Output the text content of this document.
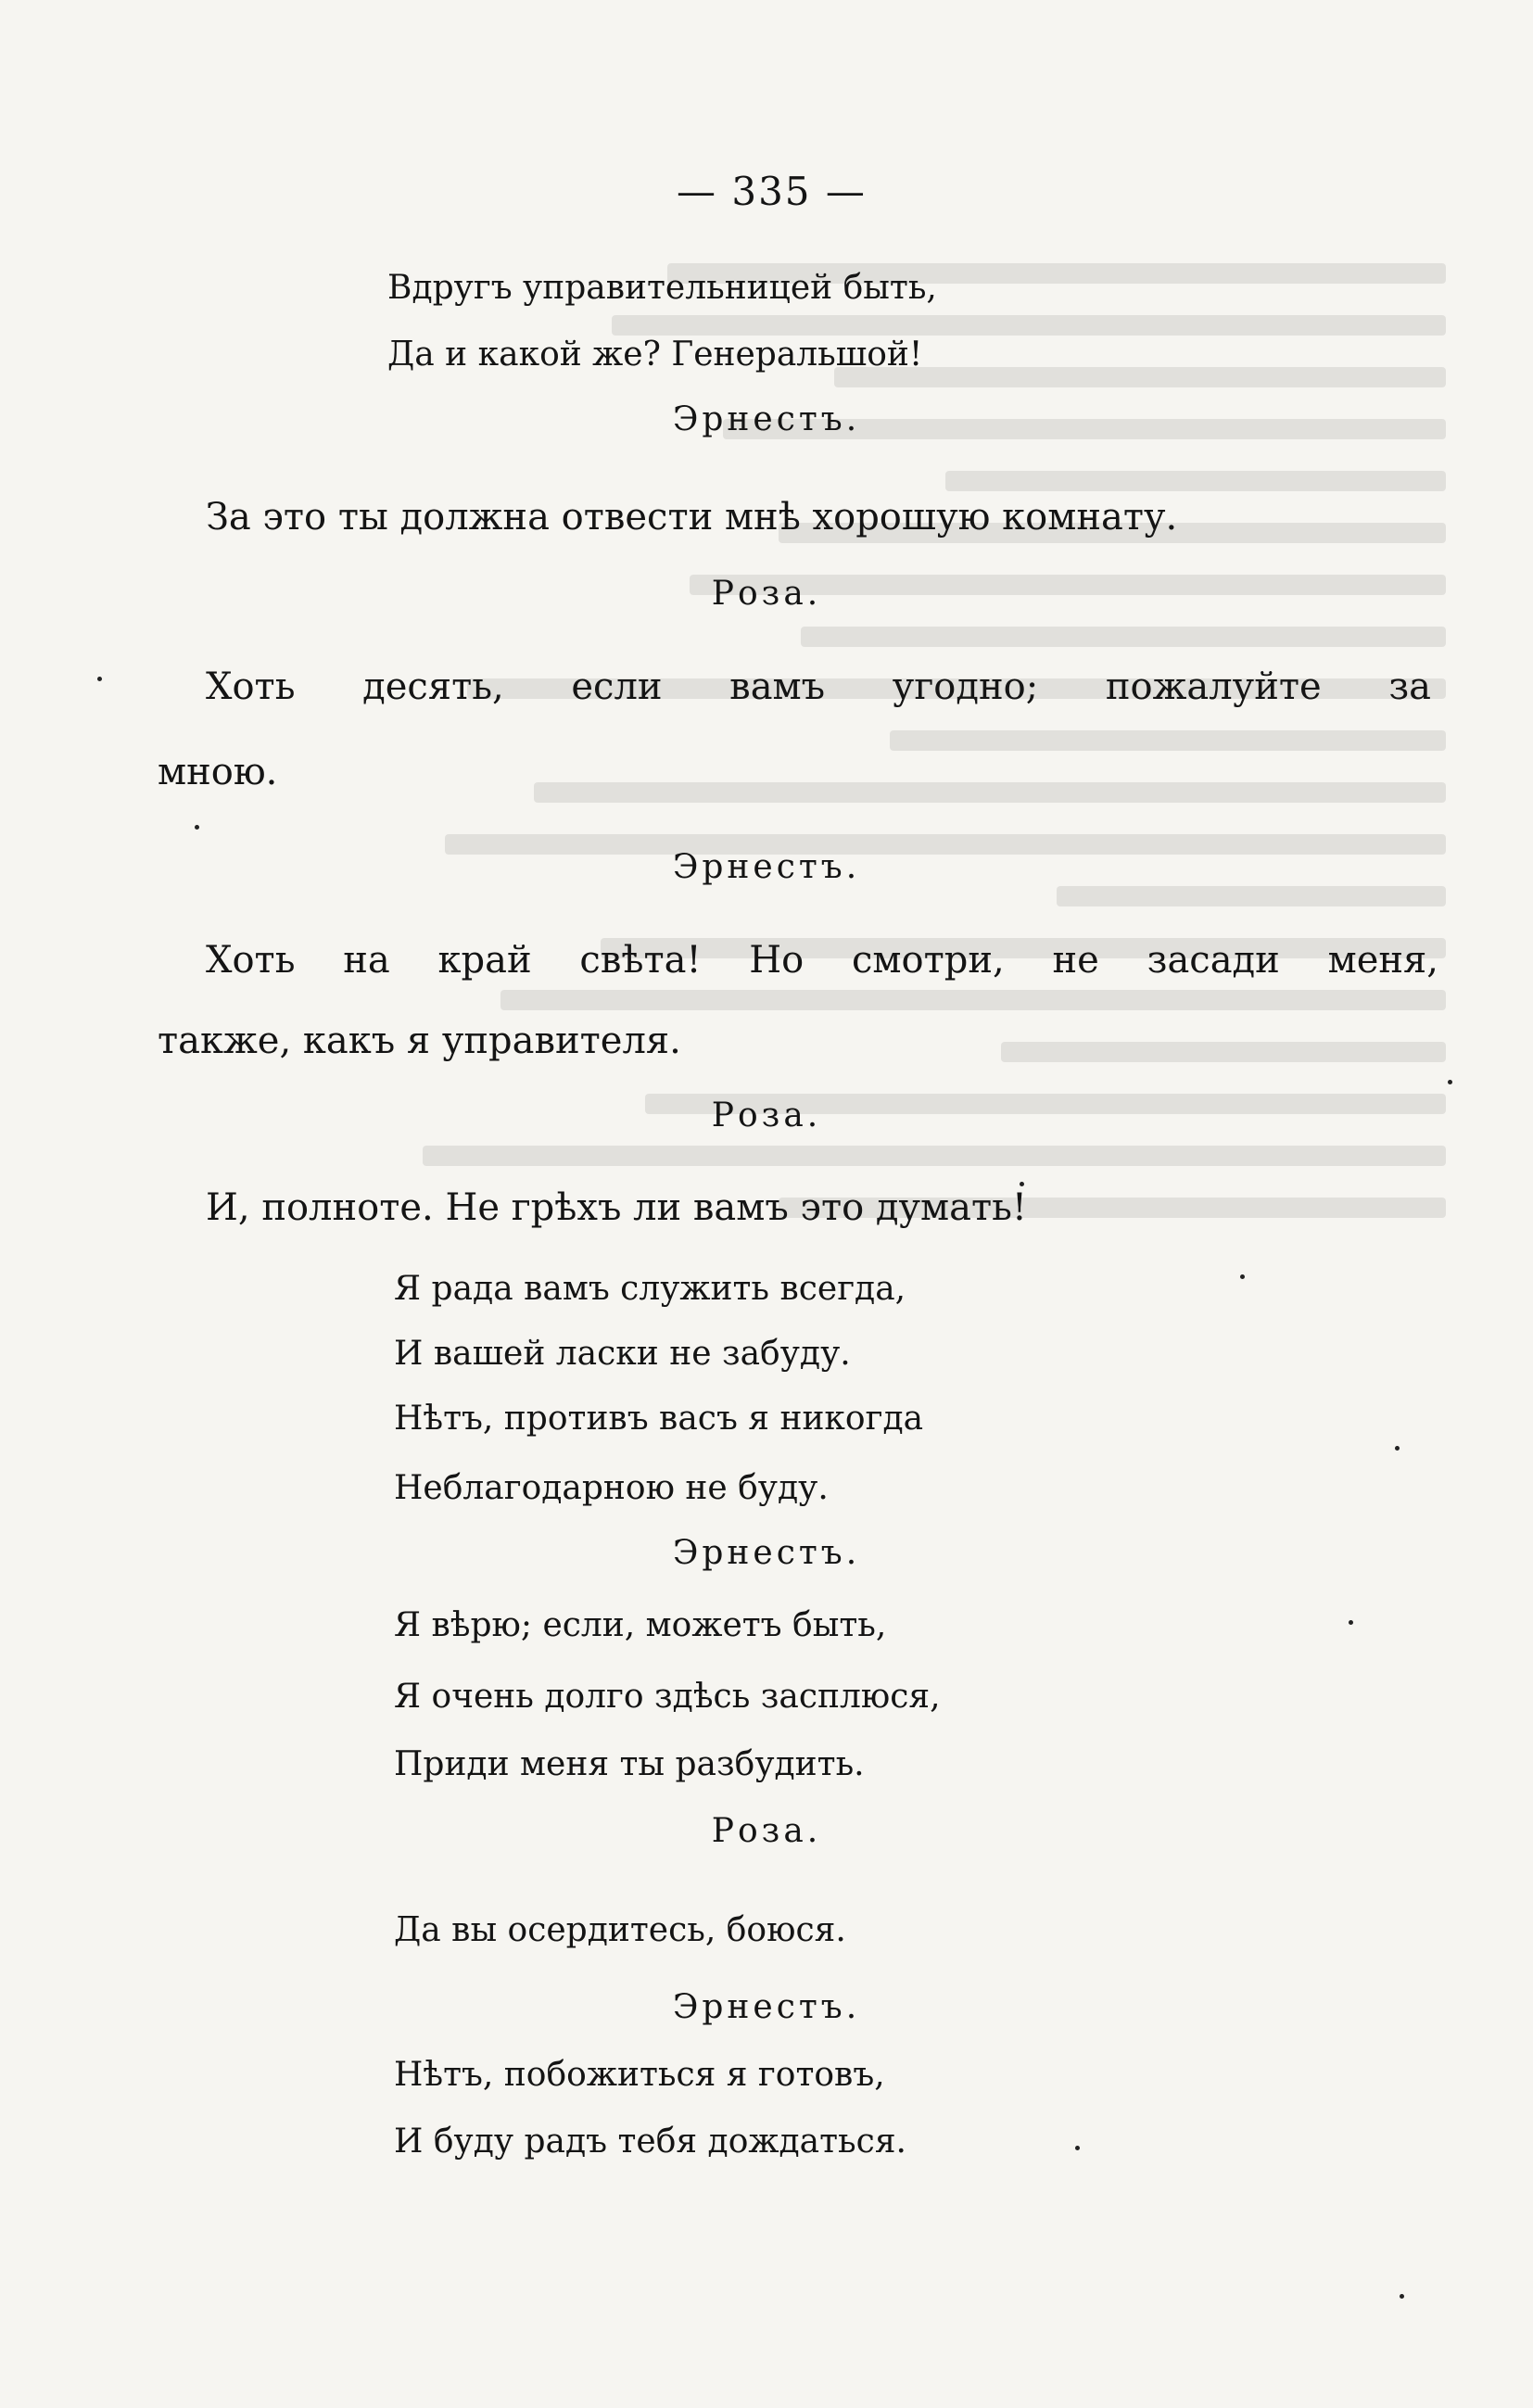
— 335 —
Вдругъ управительницей быть,
Да и какой же? Генеральшой!
Эрнестъ.
За это ты должна отвести мнѣ хорошую комнату.
Роза.
Хоть десять, если вамъ угодно; пожалуйте за
мною.
Эрнестъ.
Хоть на край свѣта! Но смотри, не засади меня,
также, какъ я управителя.
Роза.
И, полноте. Не грѣхъ ли вамъ это думать!
Я рада вамъ служить всегда,
И вашей ласки не забуду.
Нѣтъ, противъ васъ я никогда
Неблагодарною не буду.
Эрнестъ.
Я вѣрю; если, можетъ быть,
Я очень долго здѣсь засплюся,
Приди меня ты разбудить.
Роза.
Да вы осердитесь, боюся.
Эрнестъ.
Нѣтъ, побожиться я готовъ,
И буду радъ тебя дождаться.
